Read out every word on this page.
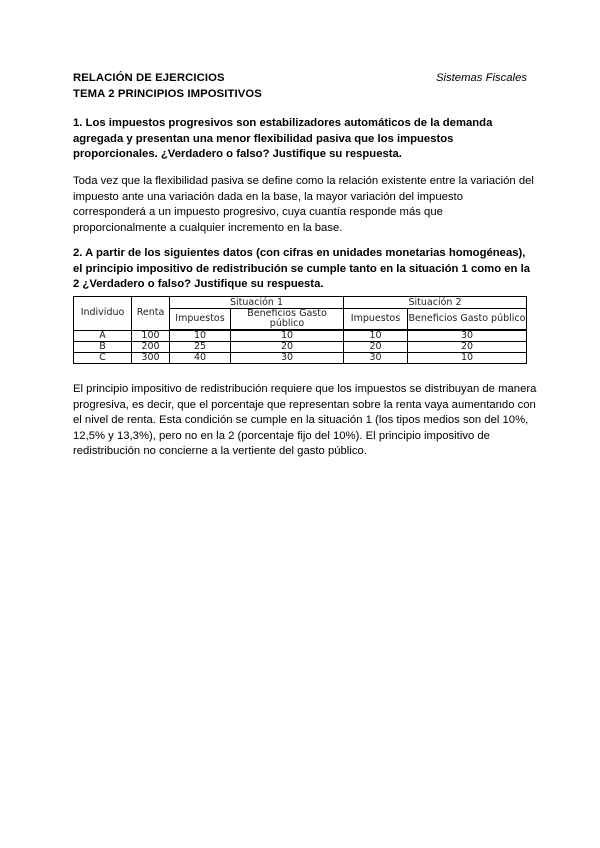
RELACIÓN DE EJERCICIOS
TEMA 2 PRINCIPIOS IMPOSITIVOS
Sistemas Fiscales
1. Los impuestos progresivos son estabilizadores automáticos de la demanda
agregada y presentan una menor flexibilidad pasiva que los impuestos
proporcionales. ¿Verdadero o falso? Justifique su respuesta.
Toda vez que la flexibilidad pasiva se define como la relación existente entre la variación del
impuesto ante una variación dada en la base, la mayor variación del impuesto
corresponderá a un impuesto progresivo, cuya cuantía responde más que
proporcionalmente a cualquier incremento en la base.
2. A partir de los siguientes datos (con cifras en unidades monetarias homogéneas),
el principio impositivo de redistribución se cumple tanto en la situación 1 como en la
2 ¿Verdadero o falso? Justifique su respuesta.
Individuo	Renta	Situación 1		Situación 2	
		Impuestos	Beneficios Gasto público	Impuestos	Beneficios Gasto público
A	100	10	10	10	30
B	200	25	20	20	20
C	300	40	30	30	10
El principio impositivo de redistribución requiere que los impuestos se distribuyan de manera
progresiva, es decir, que el porcentaje que representan sobre la renta vaya aumentando con
el nivel de renta. Esta condición se cumple en la situación 1 (los tipos medios son del 10%,
12,5% y 13,3%), pero no en la 2 (porcentaje fijo del 10%). El principio impositivo de
redistribución no concierne a la vertiente del gasto público.
